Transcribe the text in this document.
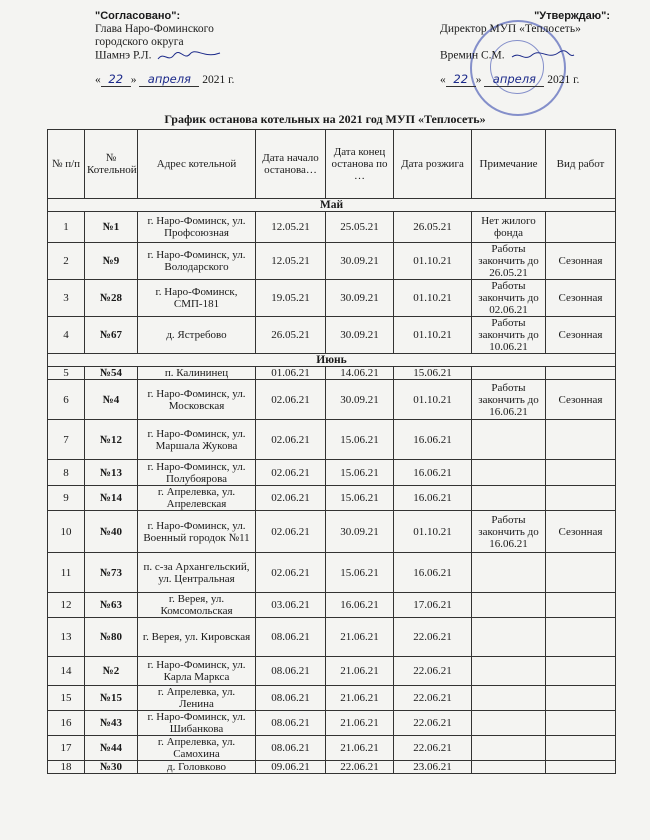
"Согласовано":
Глава Наро-Фоминского
городского округа
Шамнэ Р.Л.
« 22 » апреля 2021 г.
"Утверждаю":
Директор МУП «Теплосеть»
Времин С.М.
« 22 » апреля 2021 г.
График останова котельных на 2021 год МУП «Теплосеть»
№ п/п	№ Котельной	Адрес котельной	Дата начало останова…	Дата конец останова по …	Дата розжига	Примечание	Вид работ
Май							
1	№1	г. Наро-Фоминск, ул. Профсоюзная	12.05.21	25.05.21	26.05.21	Нет жилого фонда	
2	№9	г. Наро-Фоминск, ул. Володарского	12.05.21	30.09.21	01.10.21	Работы закончить до 26.05.21	Сезонная
3	№28	г. Наро-Фоминск, СМП-181	19.05.21	30.09.21	01.10.21	Работы закончить до 02.06.21	Сезонная
4	№67	д. Ястребово	26.05.21	30.09.21	01.10.21	Работы закончить до 10.06.21	Сезонная
Июнь							
5	№54	п. Калининец	01.06.21	14.06.21	15.06.21		
6	№4	г. Наро-Фоминск, ул. Московская	02.06.21	30.09.21	01.10.21	Работы закончить до 16.06.21	Сезонная
7	№12	г. Наро-Фоминск, ул. Маршала Жукова	02.06.21	15.06.21	16.06.21		
8	№13	г. Наро-Фоминск, ул. Полубоярова	02.06.21	15.06.21	16.06.21		
9	№14	г. Апрелевка, ул. Апрелевская	02.06.21	15.06.21	16.06.21		
10	№40	г. Наро-Фоминск, ул. Военный городок №11	02.06.21	30.09.21	01.10.21	Работы закончить до 16.06.21	Сезонная
11	№73	п. с-за Архангельский, ул. Центральная	02.06.21	15.06.21	16.06.21		
12	№63	г. Верея, ул. Комсомольская	03.06.21	16.06.21	17.06.21		
13	№80	г. Верея, ул. Кировская	08.06.21	21.06.21	22.06.21		
14	№2	г. Наро-Фоминск, ул. Карла Маркса	08.06.21	21.06.21	22.06.21		
15	№15	г. Апрелевка, ул. Ленина	08.06.21	21.06.21	22.06.21		
16	№43	г. Наро-Фоминск, ул. Шибанкова	08.06.21	21.06.21	22.06.21		
17	№44	г. Апрелевка, ул. Самохина	08.06.21	21.06.21	22.06.21		
18	№30	д. Головково	09.06.21	22.06.21	23.06.21		
